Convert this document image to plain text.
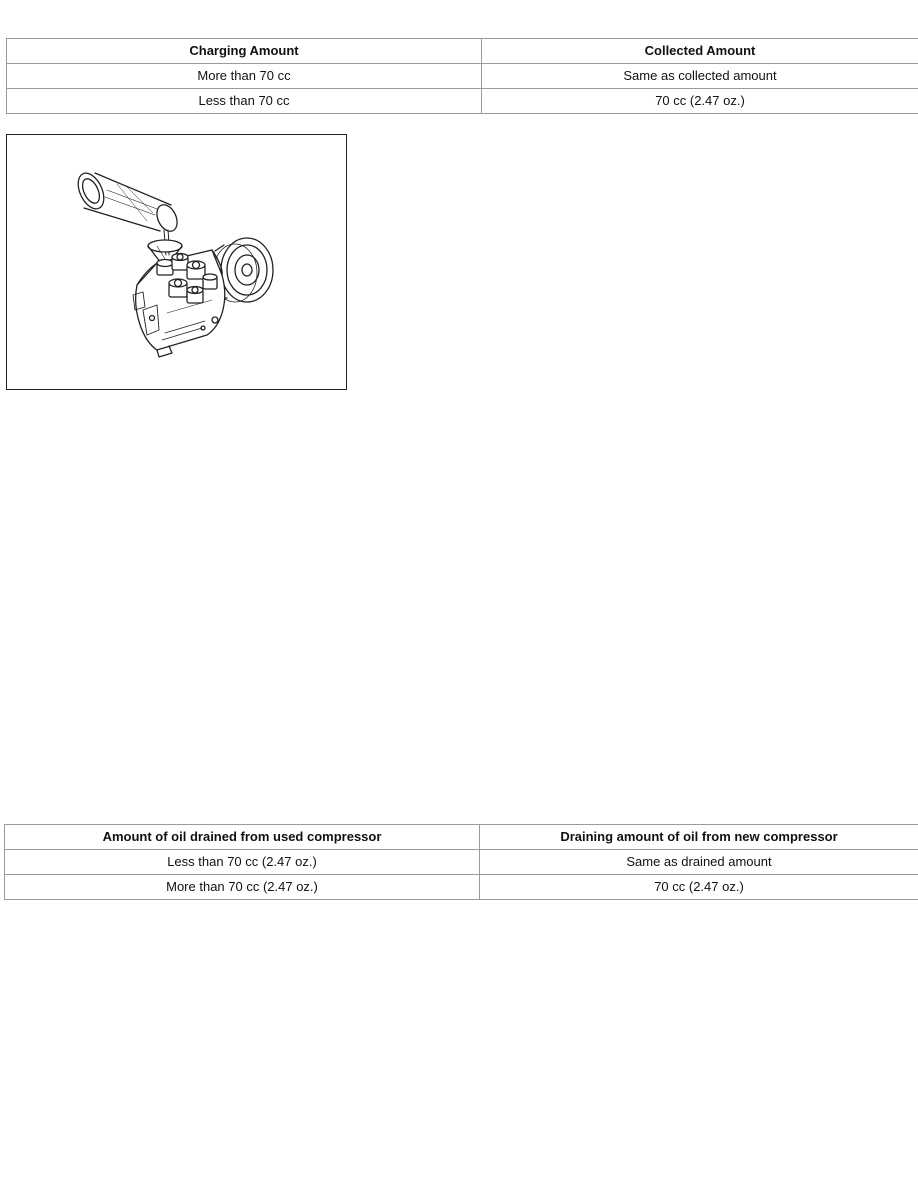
Charging Amount	Collected Amount
More than 70 cc	Same as collected amount
Less than 70 cc	70 cc (2.47 oz.)
Amount of oil drained from used compressor	Draining amount of oil from new compressor
Less than 70 cc (2.47 oz.)	Same as drained amount
More than 70 cc (2.47 oz.)	70 cc (2.47 oz.)
